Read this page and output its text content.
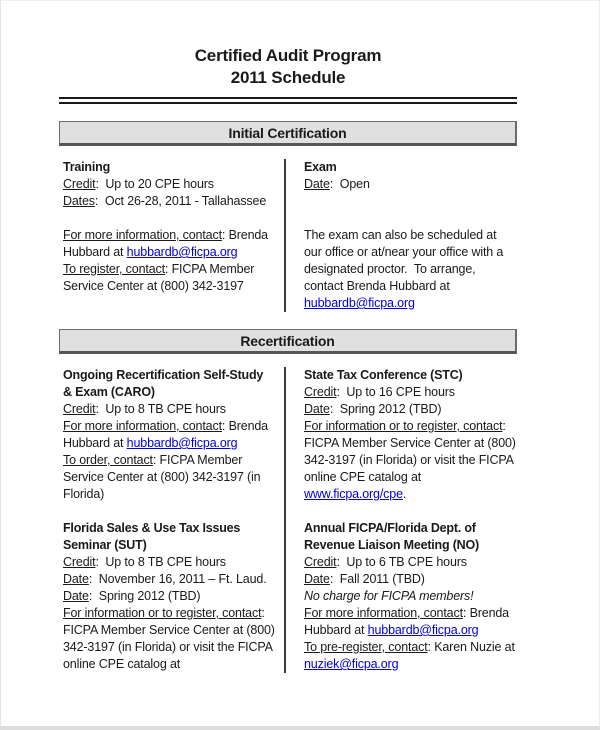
Certified Audit Program
2011 Schedule
Initial Certification
Training
Credit:  Up to 20 CPE hours
Dates:  Oct 26-28, 2011 - Tallahassee

For more information, contact: Brenda Hubbard at hubbardb@ficpa.org
To register, contact: FICPA Member Service Center at (800) 342-3197
Exam
Date:  Open

The exam can also be scheduled at our office or at/near your office with a designated proctor.  To arrange, contact Brenda Hubbard at hubbardb@ficpa.org
Recertification
Ongoing Recertification Self-Study & Exam (CARO)
Credit:  Up to 8 TB CPE hours
For more information, contact: Brenda Hubbard at hubbardb@ficpa.org
To order, contact: FICPA Member Service Center at (800) 342-3197 (in Florida)
Florida Sales & Use Tax Issues Seminar (SUT)
Credit:  Up to 8 TB CPE hours
Date:  November 16, 2011 – Ft. Laud.
Date:  Spring 2012 (TBD)
For information or to register, contact: FICPA Member Service Center at (800) 342-3197 (in Florida) or visit the FICPA online CPE catalog at
State Tax Conference (STC)
Credit:  Up to 16 CPE hours
Date:  Spring 2012 (TBD)
For information or to register, contact: FICPA Member Service Center at (800) 342-3197 (in Florida) or visit the FICPA online CPE catalog at www.ficpa.org/cpe.
Annual FICPA/Florida Dept. of Revenue Liaison Meeting (NO)
Credit:  Up to 6 TB CPE hours
Date:  Fall 2011 (TBD)
No charge for FICPA members!
For more information, contact: Brenda Hubbard at hubbardb@ficpa.org
To pre-register, contact: Karen Nuzie at nuziek@ficpa.org
